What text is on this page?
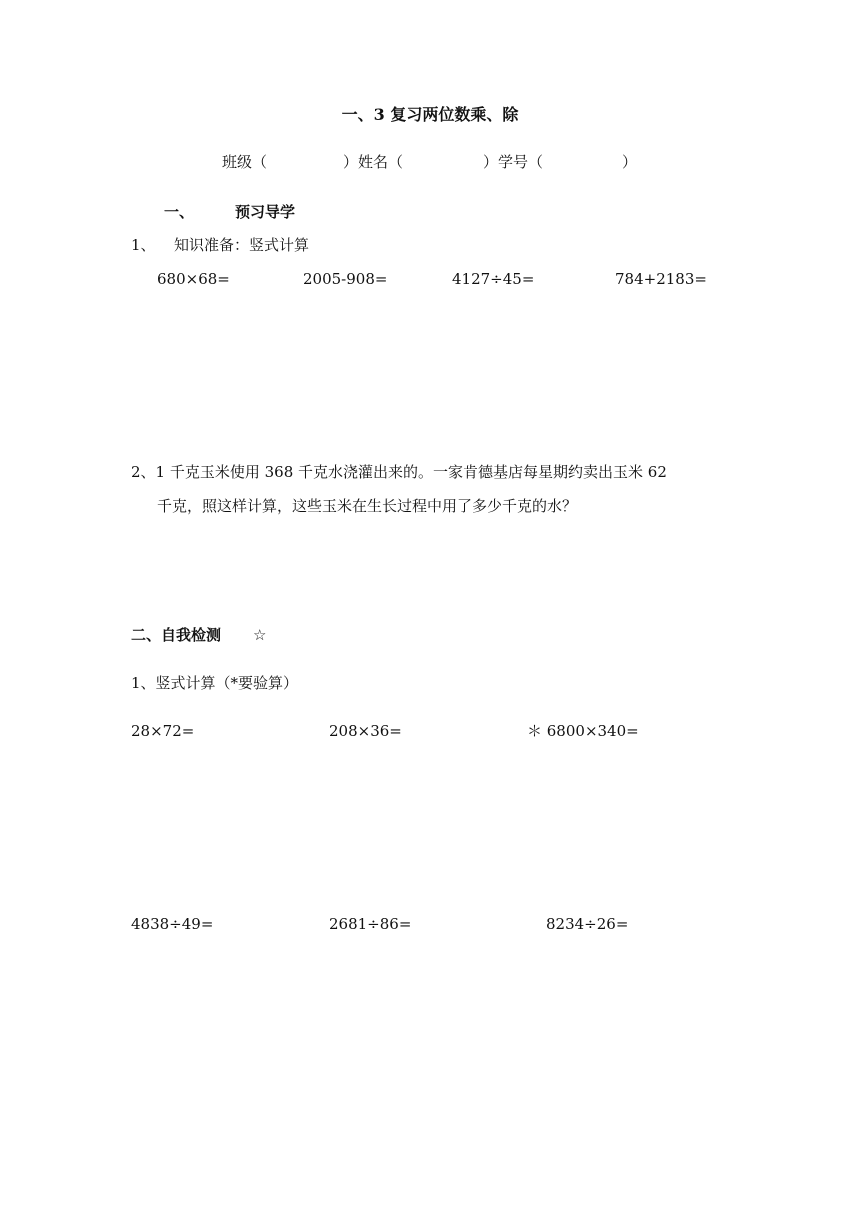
一、3 复习两位数乘、除
班级（	）姓名（	）学号（	）
一、	预习导学
1、 知识准备：竖式计算
680×68=	2005-908=	4127÷45=	784+2183=
2、1 千克玉米使用 368 千克水浇灌出来的。一家肯德基店每星期约卖出玉米 62
千克，照这样计算，这些玉米在生长过程中用了多少千克的水？
二、自我检测 ☆
1、竖式计算（*要验算）
28×72=	208×36=	＊ 6800×340=
4838÷49=	2681÷86=	8234÷26=
